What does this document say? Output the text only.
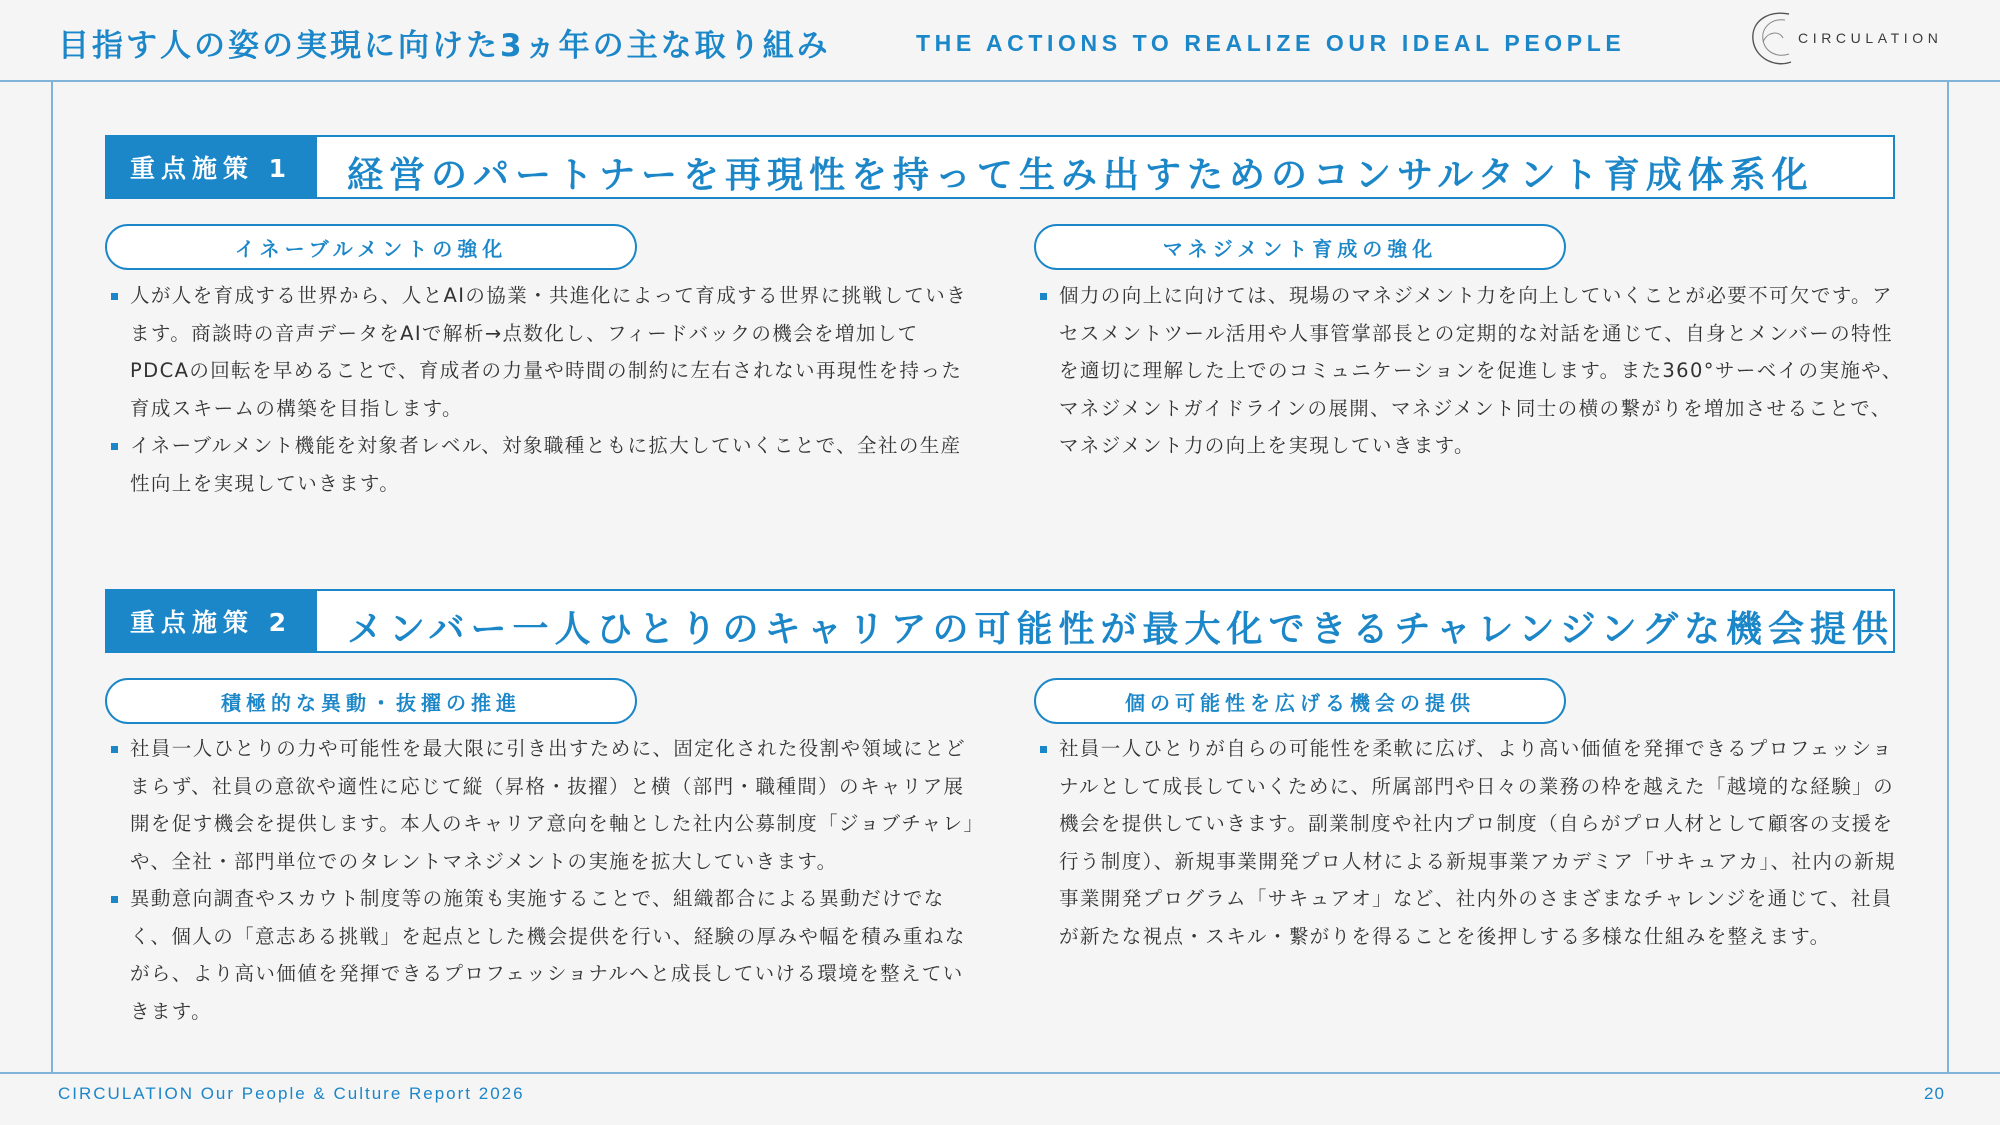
目指す人の姿の実現に向けた3ヵ年の主な取り組み	THE ACTIONS TO REALIZE OUR IDEAL PEOPLE	CIRCULATION
重点施策 1	経営のパートナーを再現性を持って生み出すためのコンサルタント育成体系化
イネーブルメントの強化
人が人を育成する世界から、人とAIの協業・共進化によって育成する世界に挑戦していきます。商談時の音声データをAIで解析→点数化し、フィードバックの機会を増加してPDCAの回転を早めることで、育成者の力量や時間の制約に左右されない再現性を持った育成スキームの構築を目指します。
イネーブルメント機能を対象者レベル、対象職種ともに拡大していくことで、全社の生産性向上を実現していきます。
マネジメント育成の強化
個力の向上に向けては、現場のマネジメント力を向上していくことが必要不可欠です。アセスメントツール活用や人事管掌部長との定期的な対話を通じて、自身とメンバーの特性を適切に理解した上でのコミュニケーションを促進します。また360°サーベイの実施や、マネジメントガイドラインの展開、マネジメント同士の横の繋がりを増加させることで、マネジメント力の向上を実現していきます。
重点施策 2	メンバー一人ひとりのキャリアの可能性が最大化できるチャレンジングな機会提供
積極的な異動・抜擢の推進
社員一人ひとりの力や可能性を最大限に引き出すために、固定化された役割や領域にとどまらず、社員の意欲や適性に応じて縦（昇格・抜擢）と横（部門・職種間）のキャリア展開を促す機会を提供します。本人のキャリア意向を軸とした社内公募制度「ジョブチャレ」や、全社・部門単位でのタレントマネジメントの実施を拡大していきます。
異動意向調査やスカウト制度等の施策も実施することで、組織都合による異動だけでなく、個人の「意志ある挑戦」を起点とした機会提供を行い、経験の厚みや幅を積み重ねながら、より高い価値を発揮できるプロフェッショナルへと成長していける環境を整えていきます。
個の可能性を広げる機会の提供
社員一人ひとりが自らの可能性を柔軟に広げ、より高い価値を発揮できるプロフェッショナルとして成長していくために、所属部門や日々の業務の枠を越えた「越境的な経験」の機会を提供していきます。副業制度や社内プロ制度（自らがプロ人材として顧客の支援を行う制度）、新規事業開発プロ人材による新規事業アカデミア「サキュアカ」、社内の新規事業開発プログラム「サキュアオ」など、社内外のさまざまなチャレンジを通じて、社員が新たな視点・スキル・繋がりを得ることを後押しする多様な仕組みを整えます。
CIRCULATION Our People & Culture Report 2026	20
